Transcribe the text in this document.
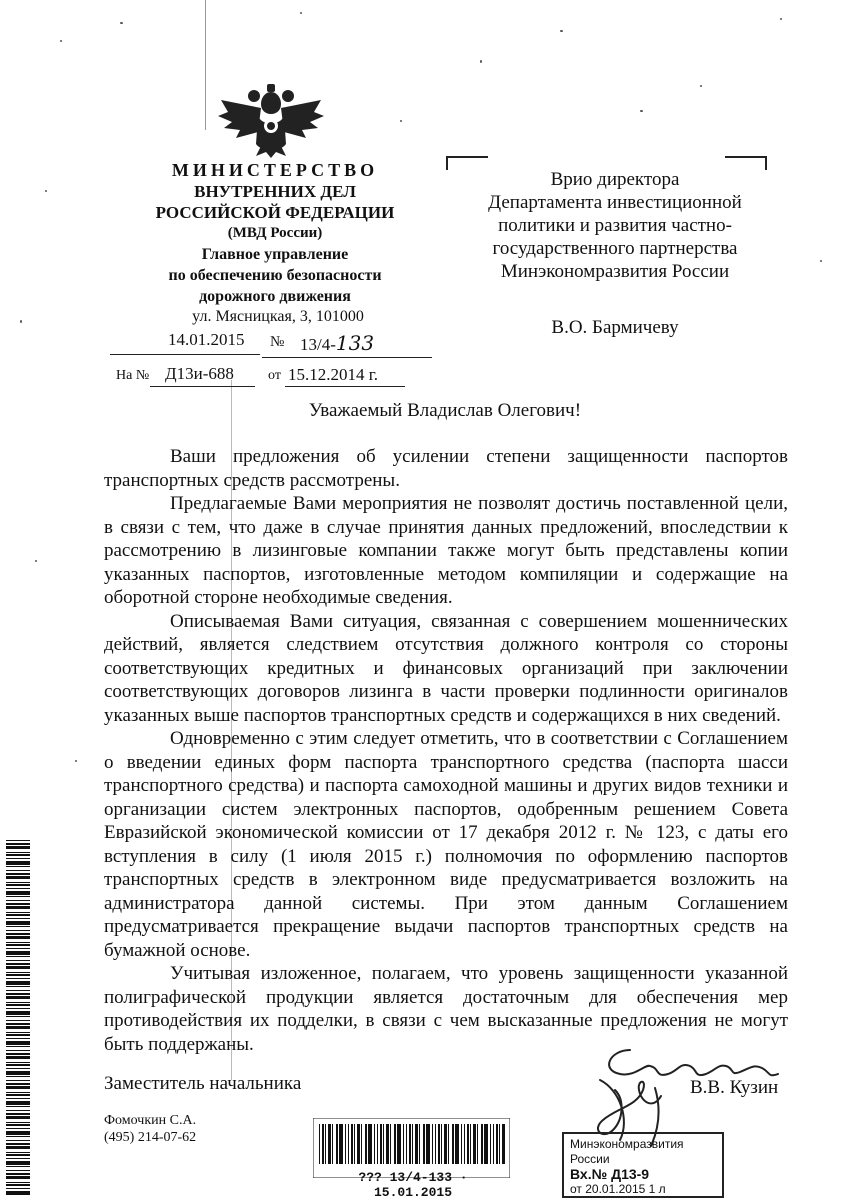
МИНИСТЕРСТВО
ВНУТРЕННИХ ДЕЛ
РОССИЙСКОЙ ФЕДЕРАЦИИ
(МВД России)
Главное управление
по обеспечению безопасности
дорожного движения
ул. Мясницкая, 3, 101000
14.01.2015 № 13/4-133
На № Д13и-688 от 15.12.2014 г.
Врио директора
Департамента инвестиционной
политики и развития частно-
государственного партнерства
Минэкономразвития России
В.О. Бармичеву
Уважаемый Владислав Олегович!

Ваши предложения об усилении степени защищенности паспортов транспортных средств рассмотрены.

Предлагаемые Вами мероприятия не позволят достичь поставленной цели, в связи с тем, что даже в случае принятия данных предложений, впоследствии к рассмотрению в лизинговые компании также могут быть представлены копии указанных паспортов, изготовленные методом компиляции и содержащие на оборотной стороне необходимые сведения.

Описываемая Вами ситуация, связанная с совершением мошеннических действий, является следствием отсутствия должного контроля со стороны соответствующих кредитных и финансовых организаций при заключении соответствующих договоров лизинга в части проверки подлинности оригиналов указанных выше паспортов транспортных средств и содержащихся в них сведений.

Одновременно с этим следует отметить, что в соответствии с Соглашением о введении единых форм паспорта транспортного средства (паспорта шасси транспортного средства) и паспорта самоходной машины и других видов техники и организации систем электронных паспортов, одобренным решением Совета Евразийской экономической комиссии от 17 декабря 2012 г. № 123, с даты его вступления в силу (1 июля 2015 г.) полномочия по оформлению паспортов транспортных средств в электронном виде предусматривается возложить на администратора данной системы. При этом данным Соглашением предусматривается прекращение выдачи паспортов транспортных средств на бумажной основе.

Учитывая изложенное, полагаем, что уровень защищенности указанной полиграфической продукции является достаточным для обеспечения мер противодействия их подделки, в связи с чем высказанные предложения не могут быть поддержаны.

Заместитель начальника	В.В. Кузин
Фомочкин С.А.
(495) 214-07-62
??? 13/4-133 · 15.01.2015
Минэкономразвития России
Вх.№ Д13-9
от 20.01.2015 1 л
